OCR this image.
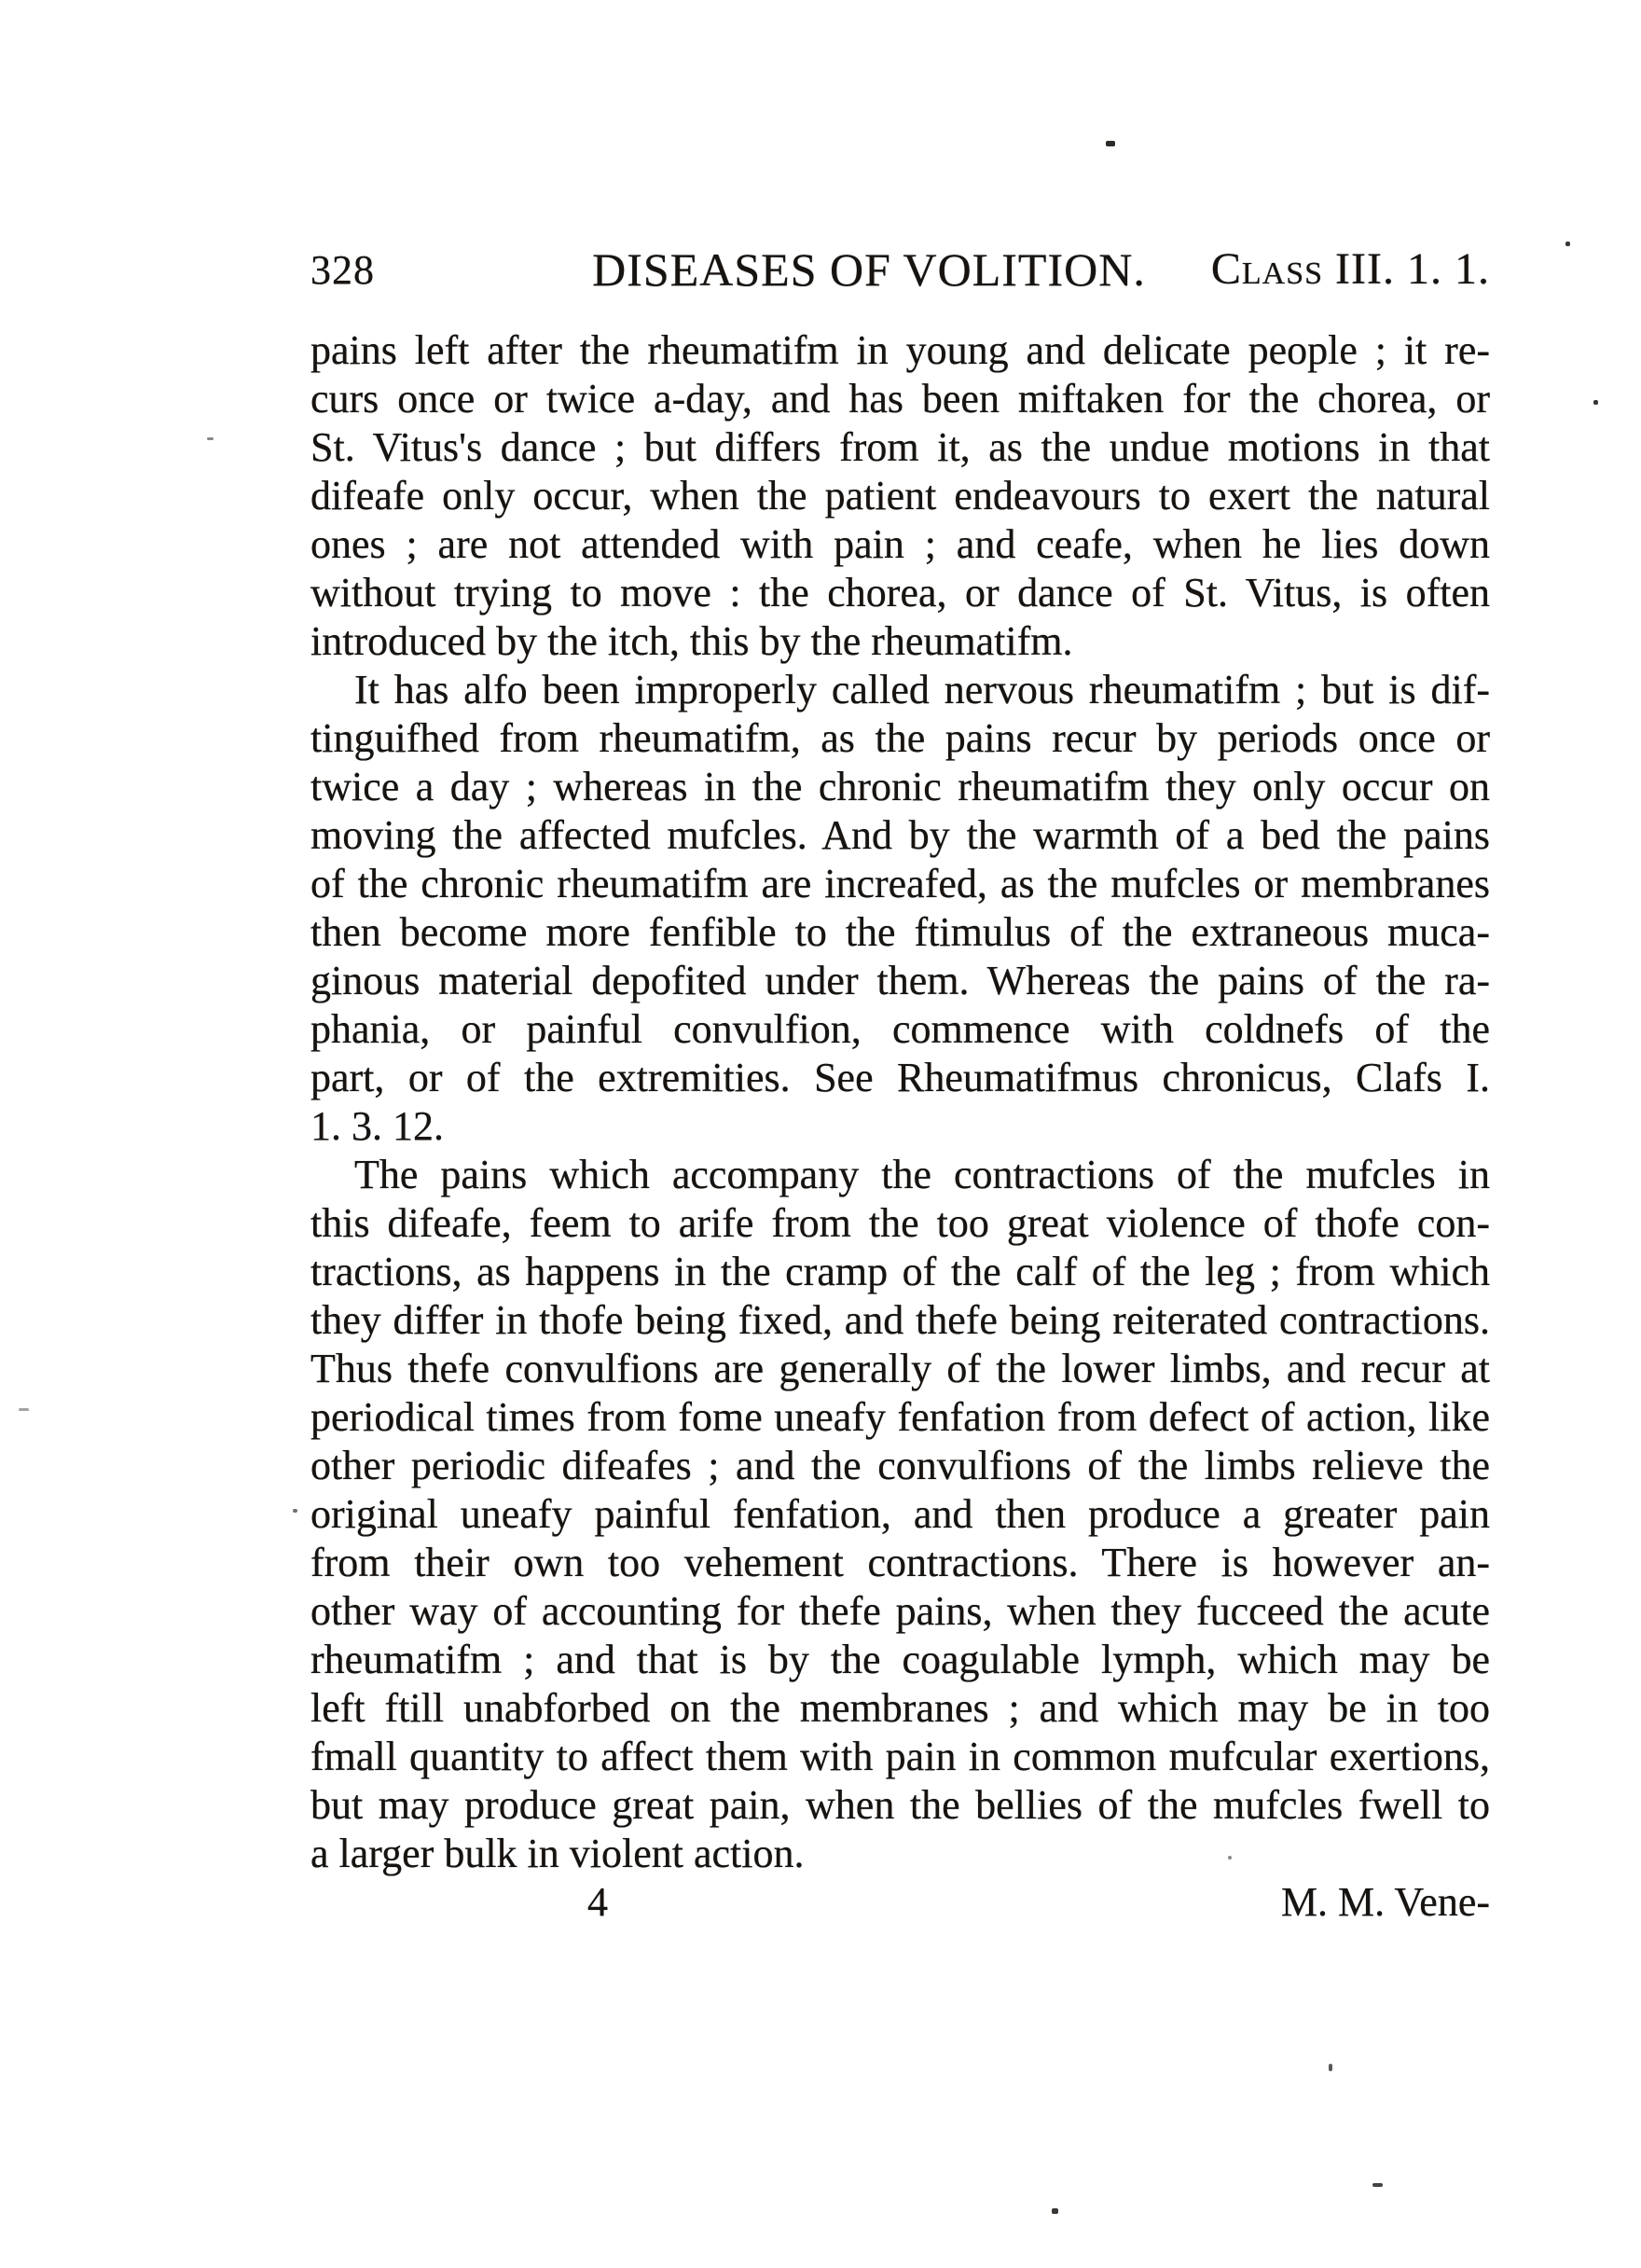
328	DISEASES OF VOLITION. Class III. 1. 1.
pains left after the rheumatifm in young and delicate people ; it re-
curs once or twice a-day, and has been miftaken for the chorea, or
St. Vitus's dance ; but differs from it, as the undue motions in that
difeafe only occur, when the patient endeavours to exert the natural
ones ; are not attended with pain ; and ceafe, when he lies down
without trying to move : the chorea, or dance of St. Vitus, is often
introduced by the itch, this by the rheumatifm.
It has alfo been improperly called nervous rheumatifm ; but is dif-
tinguifhed from rheumatifm, as the pains recur by periods once or
twice a day ; whereas in the chronic rheumatifm they only occur on
moving the affected mufcles. And by the warmth of a bed the pains
of the chronic rheumatifm are increafed, as the mufcles or membranes
then become more fenfible to the ftimulus of the extraneous muca-
ginous material depofited under them. Whereas the pains of the ra-
phania, or painful convulfion, commence with coldnefs of the
part, or of the extremities. See Rheumatifmus chronicus, Clafs I.
1. 3. 12.
The pains which accompany the contractions of the mufcles in
this difeafe, feem to arife from the too great violence of thofe con-
tractions, as happens in the cramp of the calf of the leg ; from which
they differ in thofe being fixed, and thefe being reiterated contractions.
Thus thefe convulfions are generally of the lower limbs, and recur at
periodical times from fome uneafy fenfation from defect of action, like
other periodic difeafes ; and the convulfions of the limbs relieve the
original uneafy painful fenfation, and then produce a greater pain
from their own too vehement contractions. There is however an-
other way of accounting for thefe pains, when they fucceed the acute
rheumatifm ; and that is by the coagulable lymph, which may be
left ftill unabforbed on the membranes ; and which may be in too
fmall quantity to affect them with pain in common mufcular exertions,
but may produce great pain, when the bellies of the mufcles fwell to
a larger bulk in violent action.
4	M. M. Vene-
